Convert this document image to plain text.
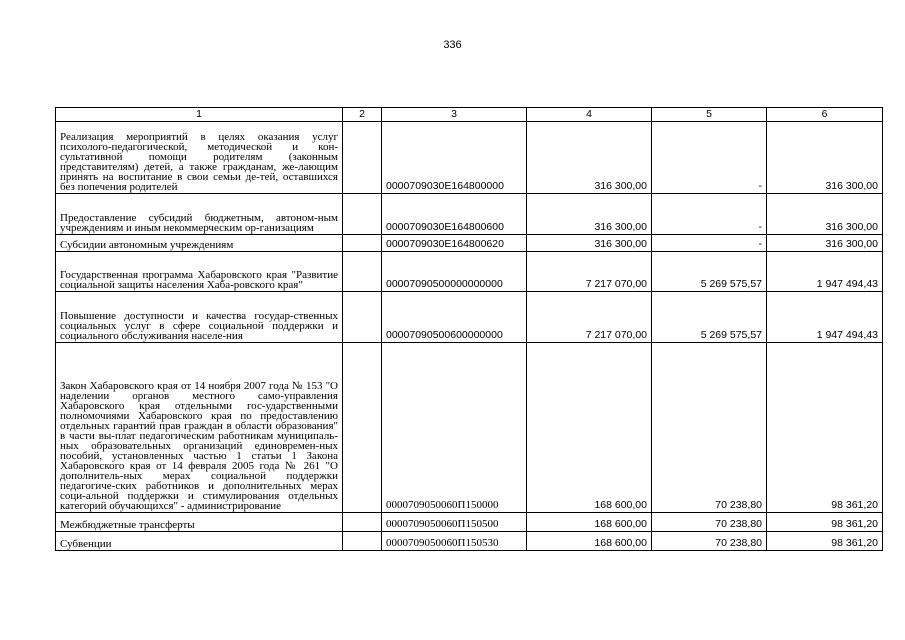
336
1	2	3	4	5	6
Реализация мероприятий в целях оказания услуг психолого-педагогической, методической и кон-сультативной помощи родителям (законным представителям) детей, а также гражданам, же-лающим принять на воспитание в свои семьи де-тей, оставшихся без попечения родителей		0000709030E164800000	316 300,00	-	316 300,00
Предоставление субсидий бюджетным, автоном-ным учреждениям и иным некоммерческим ор-ганизациям		0000709030E164800600	316 300,00	-	316 300,00
Субсидии автономным учреждениям		0000709030E164800620	316 300,00	-	316 300,00
Государственная программа Хабаровского края "Развитие социальной защиты населения Хаба-ровского края"		00007090500000000000	7 217 070,00	5 269 575,57	1 947 494,43
Повышение доступности и качества государ-ственных социальных услуг в сфере социальной поддержки и социального обслуживания населе-ния		00007090500600000000	7 217 070,00	5 269 575,57	1 947 494,43
Закон Хабаровского края от 14 ноября 2007 года № 153 "О наделении органов местного само-управления Хабаровского края отдельными гос-ударственными полномочиями Хабаровского края по предоставлению отдельных гарантий прав граждан в области образования" в части вы-плат педагогическим работникам муниципаль-ных образовательных организаций единовремен-ных пособий, установленных частью 1 статьи 1 Закона Хабаровского края от 14 февраля 2005 года № 261 "О дополнитель-ных мерах социальной поддержки педагогиче-ских работников и дополнительных мерах соци-альной поддержки и стимулирования отдельных категорий обучающихся" - администрирование		0000709050060П150000	168 600,00	70 238,80	98 361,20
Межбюджетные трансферты		0000709050060П150500	168 600,00	70 238,80	98 361,20
Субвенции		0000709050060П150530	168 600,00	70 238,80	98 361,20
